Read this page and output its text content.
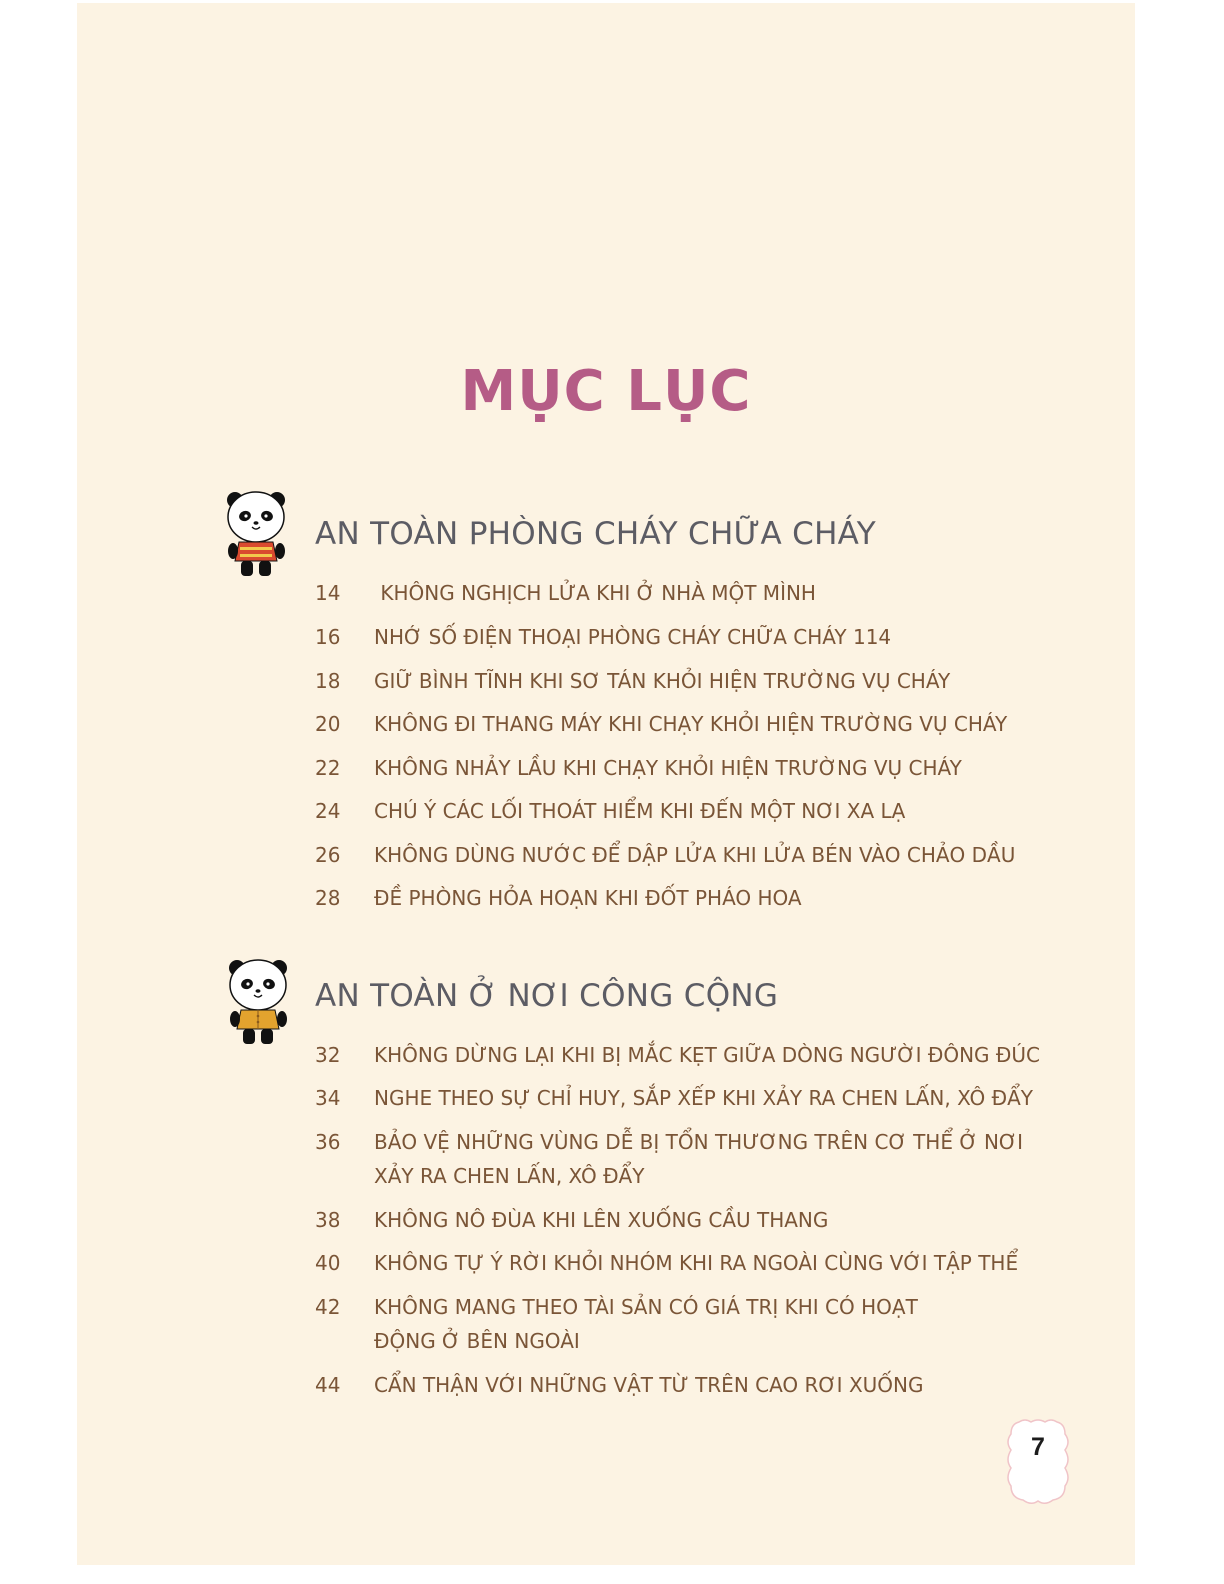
MỤC LỤC
AN TOÀN PHÒNG CHÁY CHỮA CHÁY
14	KHÔNG NGHỊCH LỬA KHI Ở NHÀ MỘT MÌNH
16	NHỚ SỐ ĐIỆN THOẠI PHÒNG CHÁY CHỮA CHÁY 114
18	GIỮ BÌNH TĨNH KHI SƠ TÁN KHỎI HIỆN TRƯỜNG VỤ CHÁY
20	KHÔNG ĐI THANG MÁY KHI CHẠY KHỎI HIỆN TRƯỜNG VỤ CHÁY
22	KHÔNG NHẢY LẦU KHI CHẠY KHỎI HIỆN TRƯỜNG VỤ CHÁY
24	CHÚ Ý CÁC LỐI THOÁT HIỂM KHI ĐẾN MỘT NƠI XA LẠ
26	KHÔNG DÙNG NƯỚC ĐỂ DẬP LỬA KHI LỬA BÉN VÀO CHẢO DẦU
28	ĐỀ PHÒNG HỎA HOẠN KHI ĐỐT PHÁO HOA
AN TOÀN Ở NƠI CÔNG CỘNG
32	KHÔNG DỪNG LẠI KHI BỊ MẮC KẸT GIỮA DÒNG NGƯỜI ĐÔNG ĐÚC
34	NGHE THEO SỰ CHỈ HUY, SẮP XẾP KHI XẢY RA CHEN LẤN, XÔ ĐẨY
36	BẢO VỆ NHỮNG VÙNG DỄ BỊ TỔN THƯƠNG TRÊN CƠ THỂ Ở NƠI XẢY RA CHEN LẤN, XÔ ĐẨY
38	KHÔNG NÔ ĐÙA KHI LÊN XUỐNG CẦU THANG
40	KHÔNG TỰ Ý RỜI KHỎI NHÓM KHI RA NGOÀI CÙNG VỚI TẬP THỂ
42	KHÔNG MANG THEO TÀI SẢN CÓ GIÁ TRỊ KHI CÓ HOẠT ĐỘNG Ở BÊN NGOÀI
44	CẨN THẬN VỚI NHỮNG VẬT TỪ TRÊN CAO RƠI XUỐNG
7
